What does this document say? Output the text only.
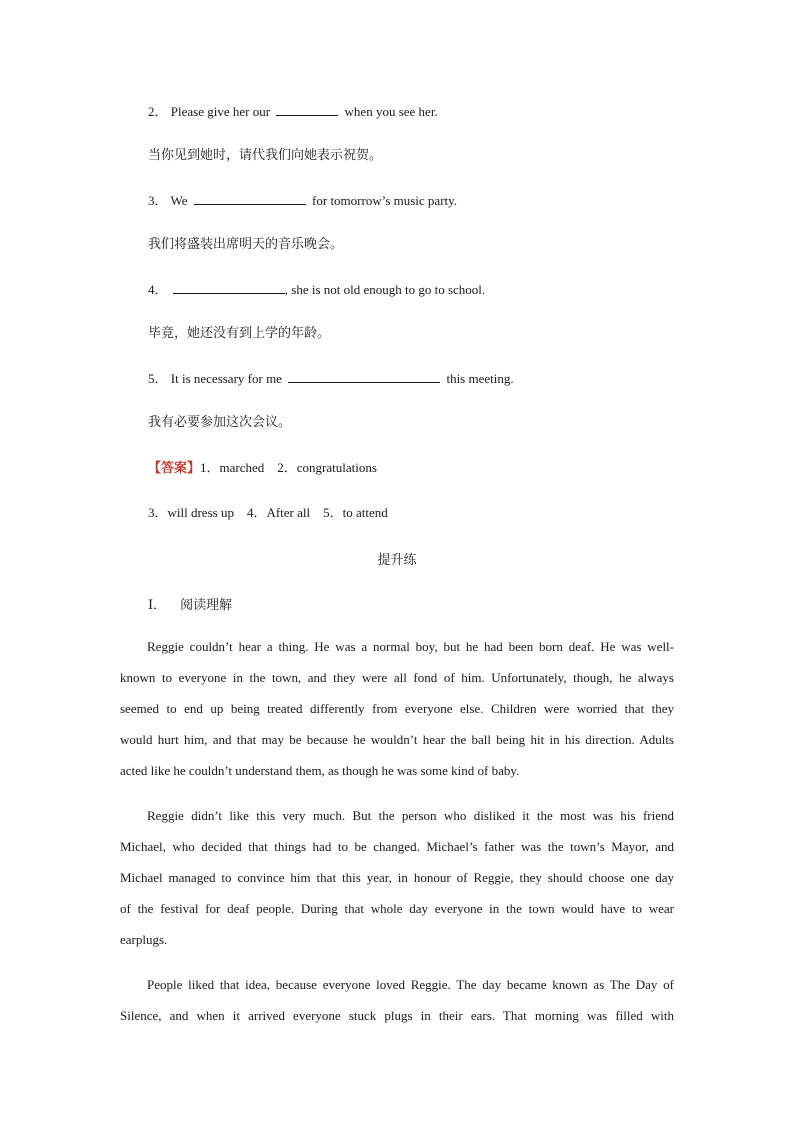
2． Please give her our	when you see her.
当你见到她时，请代我们向她表示祝贺。
3． We	for tomorrow’s music party.
我们将盛装出席明天的音乐晚会。
4．	, she is not old enough to go to school.
毕竟，她还没有到上学的年龄。
5． It is necessary for me	this meeting.
我有必要参加这次会议。
【答案】1．marched　2．congratulations
3．will dress up　4．After all　5．to attend
提升练
Ⅰ． 阅读理解
Reggie couldn’t hear a thing. He was a normal boy, but he had been born deaf. He was well-
known to everyone in the town, and they were all fond of him. Unfortunately, though, he always
seemed to end up being treated differently from everyone else. Children were worried that they
would hurt him, and that may be because he wouldn’t hear the ball being hit in his direction. Adults
acted like he couldn’t understand them, as though he was some kind of baby.
Reggie didn’t like this very much. But the person who disliked it the most was his friend
Michael, who decided that things had to be changed. Michael’s father was the town’s Mayor, and
Michael managed to convince him that this year, in honour of Reggie, they should choose one day
of the festival for deaf people. During that whole day everyone in the town would have to wear
earplugs.
People liked that idea, because everyone loved Reggie. The day became known as The Day of
Silence, and when it arrived everyone stuck plugs in their ears. That morning was filled with
